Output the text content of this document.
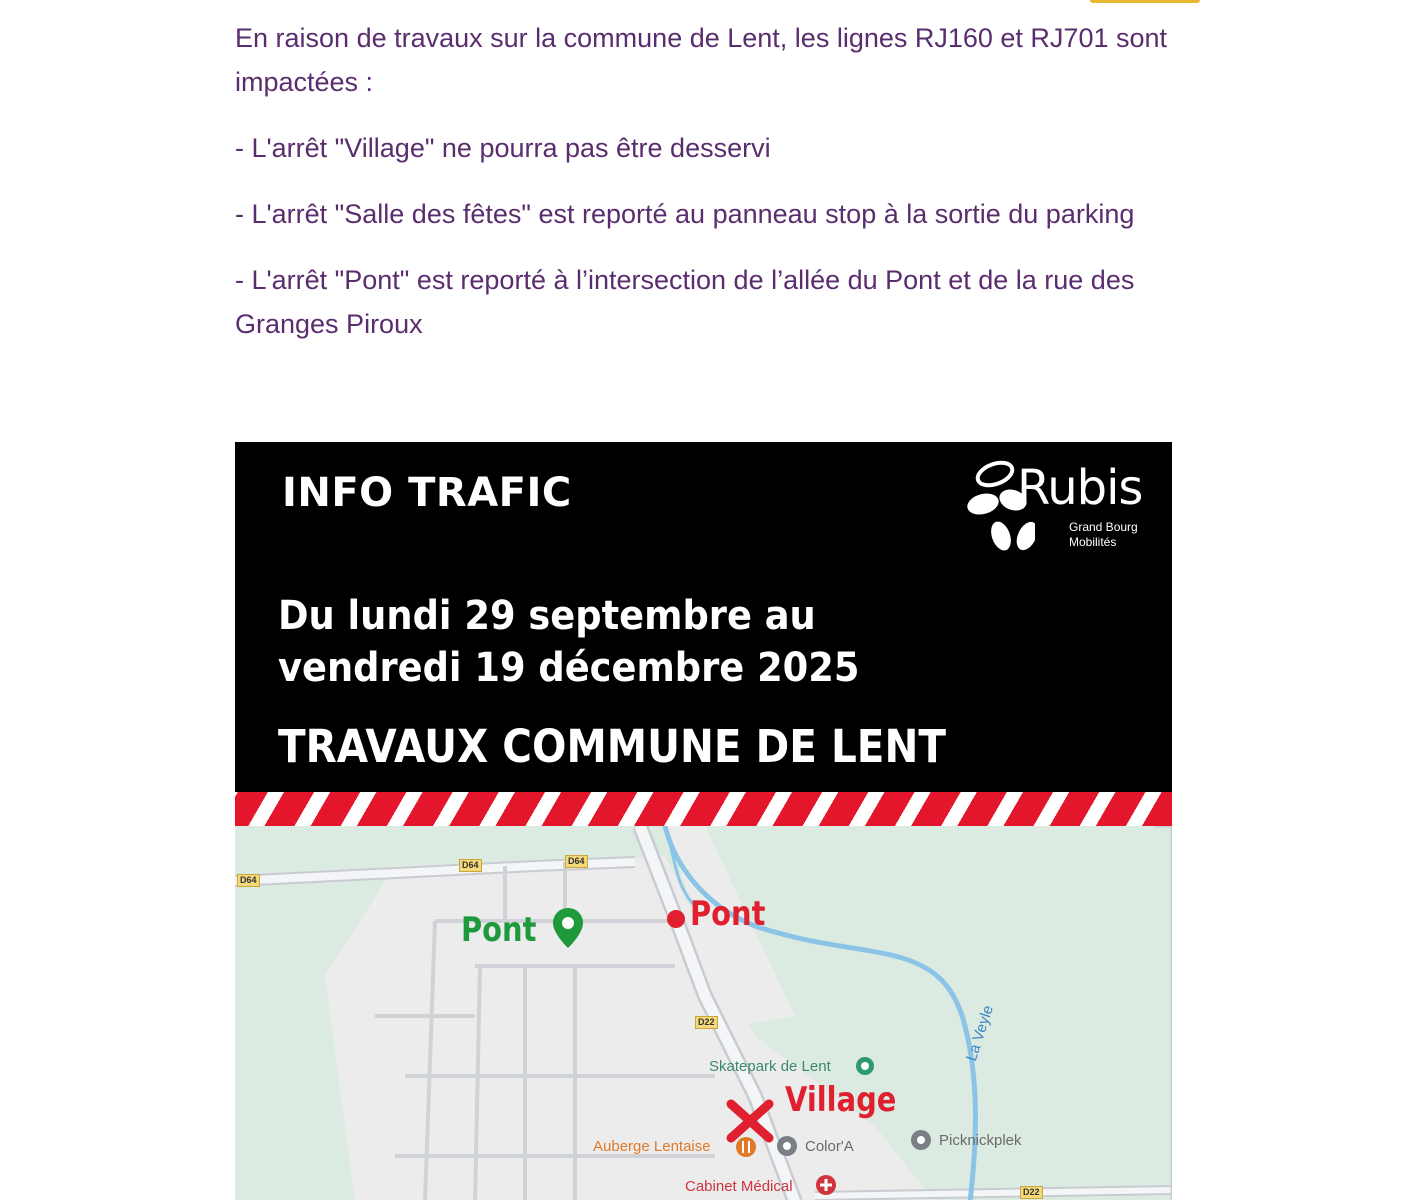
En raison de travaux sur la commune de Lent, les lignes RJ160 et RJ701 sont impactées :

- L'arrêt "Village" ne pourra pas être desservi

- L'arrêt "Salle des fêtes" est reporté au panneau stop à la sortie du parking

- L'arrêt "Pont" est reporté à l’intersection de l’allée du Pont et de la rue des Granges Piroux

INFO TRAFIC	Rubis
Grand Bourg
Mobilités
Du lundi 29 septembre au
vendredi 19 décembre 2025
TRAVAUX COMMUNE DE LENT
D64
D64	D64
D22
D22
Pont	Pont
Skatepark de Lent
Village
Auberge Lentaise	Color'A	Picknickplek
La Veyle
Cabinet Médical
